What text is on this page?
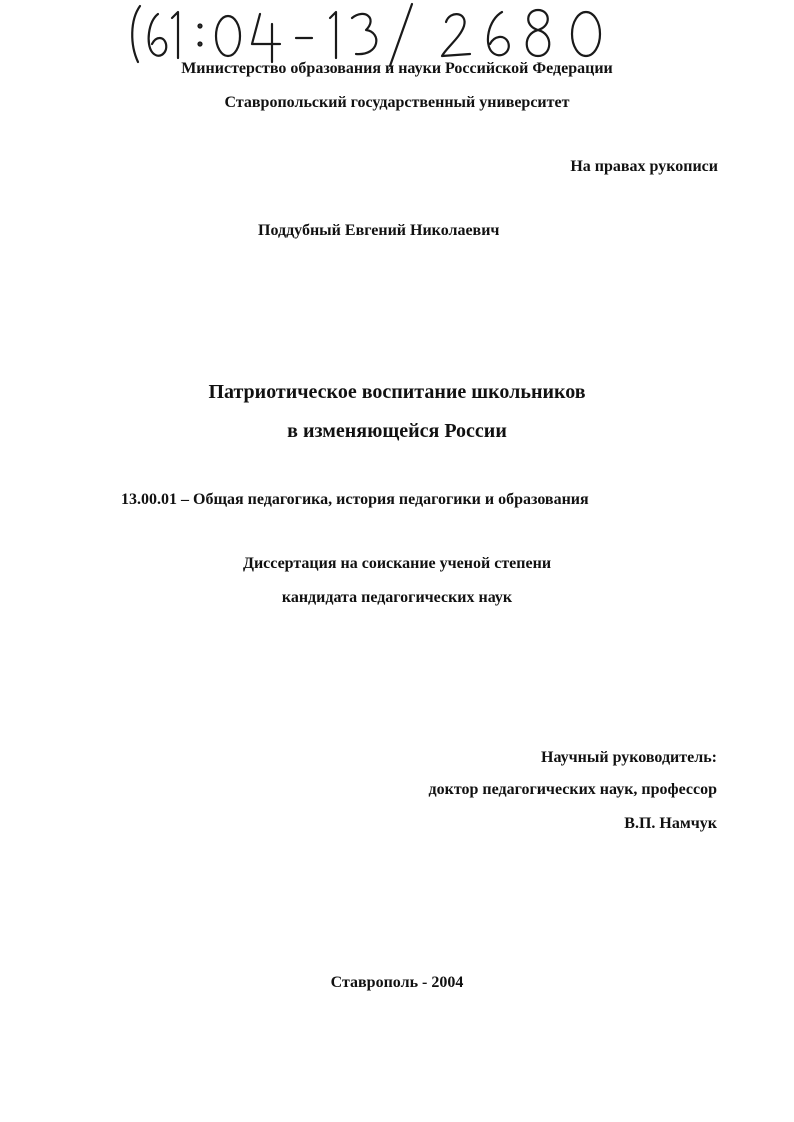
Министерство образования и науки Российской Федерации
Ставропольский государственный университет
На правах рукописи
Поддубный Евгений Николаевич
Патриотическое воспитание школьников
в изменяющейся России
13.00.01 – Общая педагогика, история педагогики и образования
Диссертация на соискание ученой степени
кандидата педагогических наук
Научный руководитель:
доктор педагогических наук, профессор
В.П. Намчук
Ставрополь - 2004
